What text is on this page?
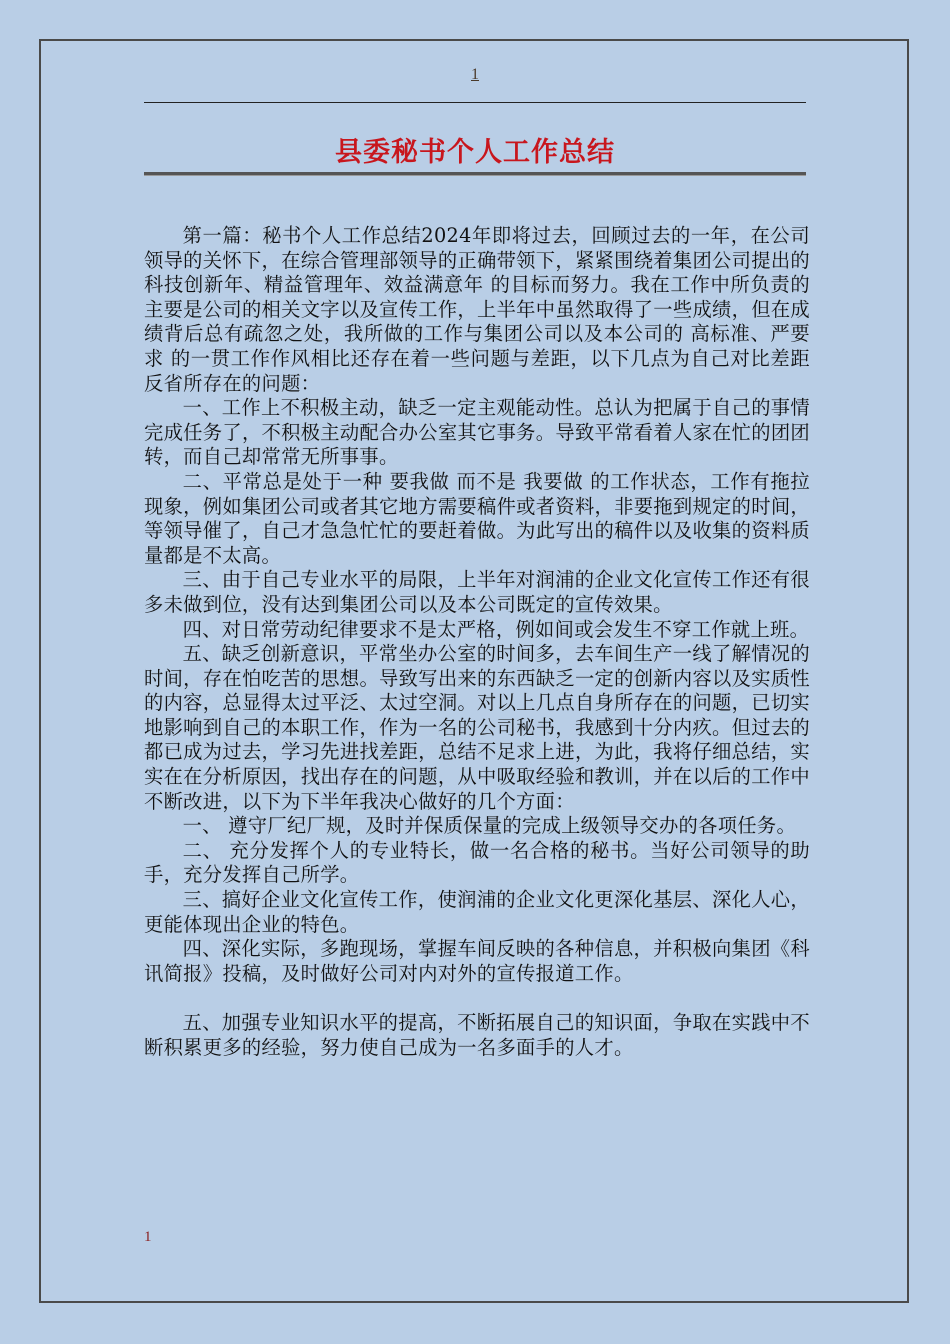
1
县委秘书个人工作总结

第一篇：秘书个人工作总结2024年即将过去，回顾过去的一年，在公司领导的关怀下，在综合管理部领导的正确带领下，紧紧围绕着集团公司提出的 科技创新年、精益管理年、效益满意年 的目标而努力。我在工作中所负责的主要是公司的相关文字以及宣传工作，上半年中虽然取得了一些成绩，但在成绩背后总有疏忽之处，我所做的工作与集团公司以及本公司的 高标准、严要求 的一贯工作作风相比还存在着一些问题与差距，以下几点为自己对比差距反省所存在的问题：

一、工作上不积极主动，缺乏一定主观能动性。总认为把属于自己的事情完成任务了，不积极主动配合办公室其它事务。导致平常看着人家在忙的团团转，而自己却常常无所事事。

二、平常总是处于一种 要我做 而不是 我要做 的工作状态，工作有拖拉现象，例如集团公司或者其它地方需要稿件或者资料，非要拖到规定的时间，等领导催了，自己才急急忙忙的要赶着做。为此写出的稿件以及收集的资料质量都是不太高。

三、由于自己专业水平的局限，上半年对润浦的企业文化宣传工作还有很多未做到位，没有达到集团公司以及本公司既定的宣传效果。

四、对日常劳动纪律要求不是太严格，例如间或会发生不穿工作就上班。

五、缺乏创新意识，平常坐办公室的时间多，去车间生产一线了解情况的时间，存在怕吃苦的思想。导致写出来的东西缺乏一定的创新内容以及实质性的内容，总显得太过平泛、太过空洞。对以上几点自身所存在的问题，已切实地影响到自己的本职工作，作为一名的公司秘书，我感到十分内疚。但过去的都已成为过去，学习先进找差距，总结不足求上进，为此，我将仔细总结，实实在在分析原因，找出存在的问题，从中吸取经验和教训，并在以后的工作中不断改进，以下为下半年我决心做好的几个方面：

一、 遵守厂纪厂规，及时并保质保量的完成上级领导交办的各项任务。

二、 充分发挥个人的专业特长，做一名合格的秘书。当好公司领导的助手，充分发挥自己所学。

三、搞好企业文化宣传工作，使润浦的企业文化更深化基层、深化人心，更能体现出企业的特色。

四、深化实际，多跑现场，掌握车间反映的各种信息，并积极向集团《科讯简报》投稿，及时做好公司对内对外的宣传报道工作。

五、加强专业知识水平的提高，不断拓展自己的知识面，争取在实践中不断积累更多的经验，努力使自己成为一名多面手的人才。

1
